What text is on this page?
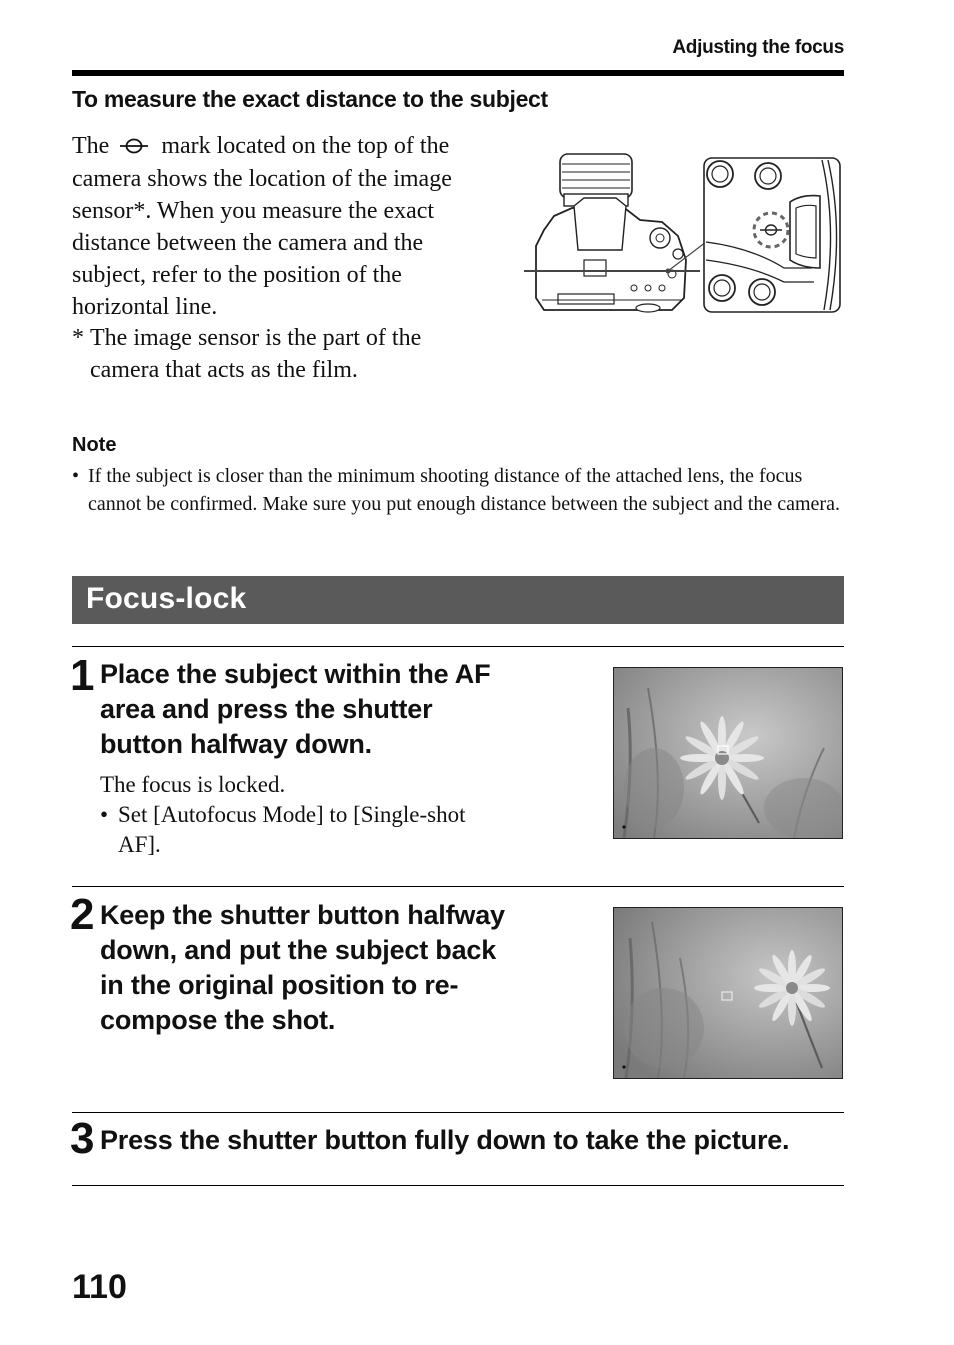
Adjusting the focus
To measure the exact distance to the subject
The mark located on the top of the camera shows the location of the image sensor*. When you measure the exact distance between the camera and the subject, refer to the position of the horizontal line.
* The image sensor is the part of the camera that acts as the film.
Note
• If the subject is closer than the minimum shooting distance of the attached lens, the focus cannot be confirmed. Make sure you put enough distance between the subject and the camera.
Focus-lock
1 Place the subject within the AF area and press the shutter button halfway down.
The focus is locked.
• Set [Autofocus Mode] to [Single-shot AF].
2 Keep the shutter button halfway down, and put the subject back in the original position to re-compose the shot.
3 Press the shutter button fully down to take the picture.
110
